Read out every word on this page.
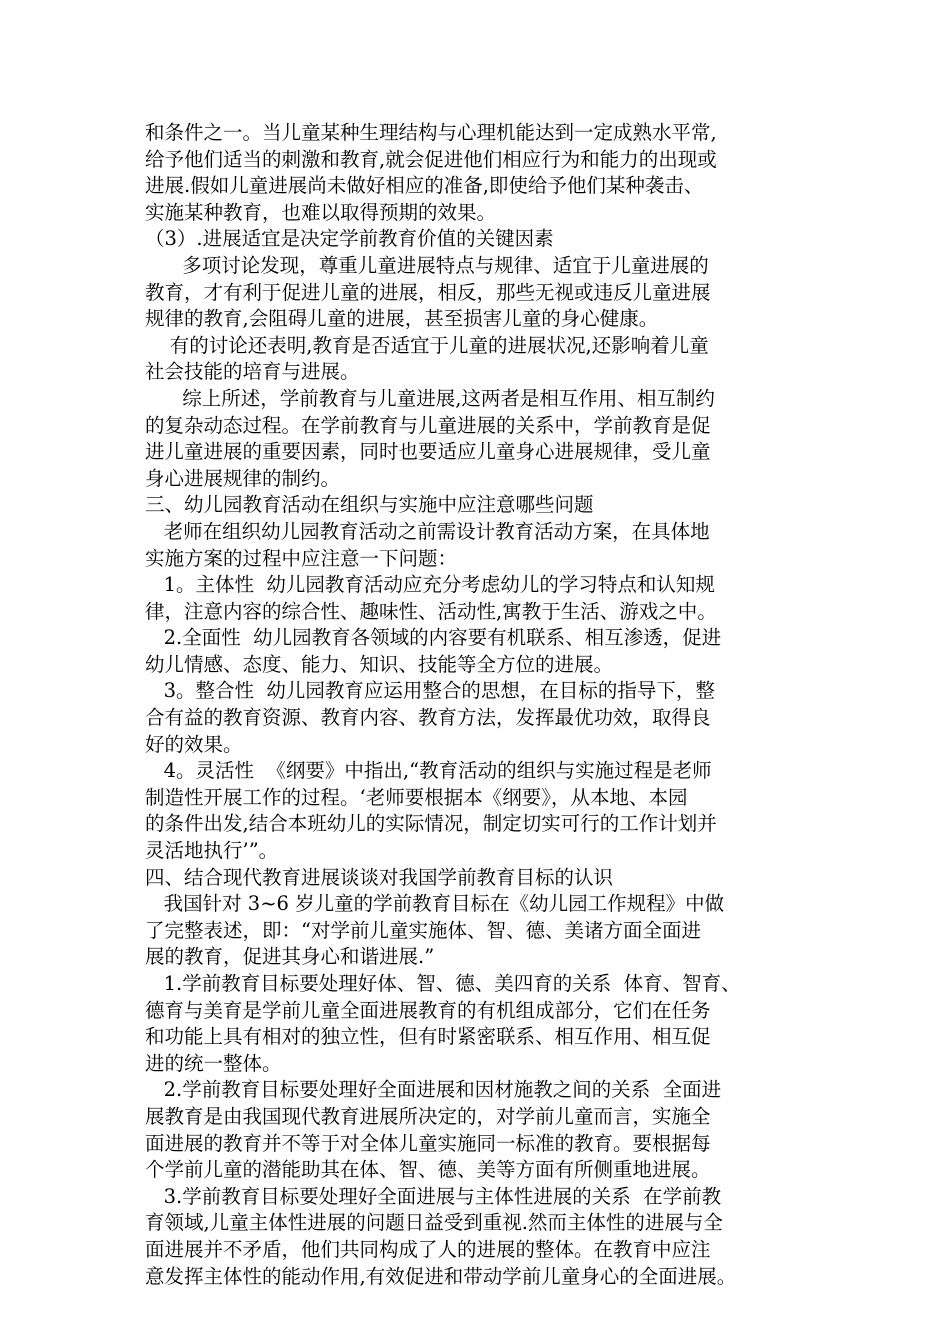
和条件之一。当儿童某种生理结构与心理机能达到一定成熟水平常,
给予他们适当的刺激和教育,就会促进他们相应行为和能力的出现或
进展.假如儿童进展尚未做好相应的准备,即使给予他们某种袭击、
实施某种教育，也难以取得预期的效果。
（3）.进展适宜是决定学前教育价值的关键因素
多项讨论发现，尊重儿童进展特点与规律、适宜于儿童进展的
教育，才有利于促进儿童的进展，相反，那些无视或违反儿童进展
规律的教育,会阻碍儿童的进展，甚至损害儿童的身心健康。
有的讨论还表明,教育是否适宜于儿童的进展状况,还影响着儿童
社会技能的培育与进展。
综上所述，学前教育与儿童进展,这两者是相互作用、相互制约
的复杂动态过程。在学前教育与儿童进展的关系中，学前教育是促
进儿童进展的重要因素，同时也要适应儿童身心进展规律，受儿童
身心进展规律的制约。
三、幼儿园教育活动在组织与实施中应注意哪些问题
老师在组织幼儿园教育活动之前需设计教育活动方案，在具体地
实施方案的过程中应注意一下问题：
1。主体性  幼儿园教育活动应充分考虑幼儿的学习特点和认知规
律，注意内容的综合性、趣味性、活动性,寓教于生活、游戏之中。
2.全面性  幼儿园教育各领域的内容要有机联系、相互渗透，促进
幼儿情感、态度、能力、知识、技能等全方位的进展。
3。整合性  幼儿园教育应运用整合的思想，在目标的指导下，整
合有益的教育资源、教育内容、教育方法，发挥最优功效，取得良
好的效果。
4。灵活性  《纲要》中指出,“教育活动的组织与实施过程是老师
制造性开展工作的过程。‘老师要根据本《纲要》，从本地、本园
的条件出发,结合本班幼儿的实际情况，制定切实可行的工作计划并
灵活地执行’”。
四、结合现代教育进展谈谈对我国学前教育目标的认识
我国针对 3~6 岁儿童的学前教育目标在《幼儿园工作规程》中做
了完整表述，即：“对学前儿童实施体、智、德、美诸方面全面进
展的教育，促进其身心和谐进展.”
1.学前教育目标要处理好体、智、德、美四育的关系  体育、智育、
德育与美育是学前儿童全面进展教育的有机组成部分，它们在任务
和功能上具有相对的独立性，但有时紧密联系、相互作用、相互促
进的统一整体。
2.学前教育目标要处理好全面进展和因材施教之间的关系  全面进
展教育是由我国现代教育进展所决定的，对学前儿童而言，实施全
面进展的教育并不等于对全体儿童实施同一标准的教育。要根据每
个学前儿童的潜能助其在体、智、德、美等方面有所侧重地进展。
3.学前教育目标要处理好全面进展与主体性进展的关系  在学前教
育领域,儿童主体性进展的问题日益受到重视.然而主体性的进展与全
面进展并不矛盾，他们共同构成了人的进展的整体。在教育中应注
意发挥主体性的能动作用,有效促进和带动学前儿童身心的全面进展。
